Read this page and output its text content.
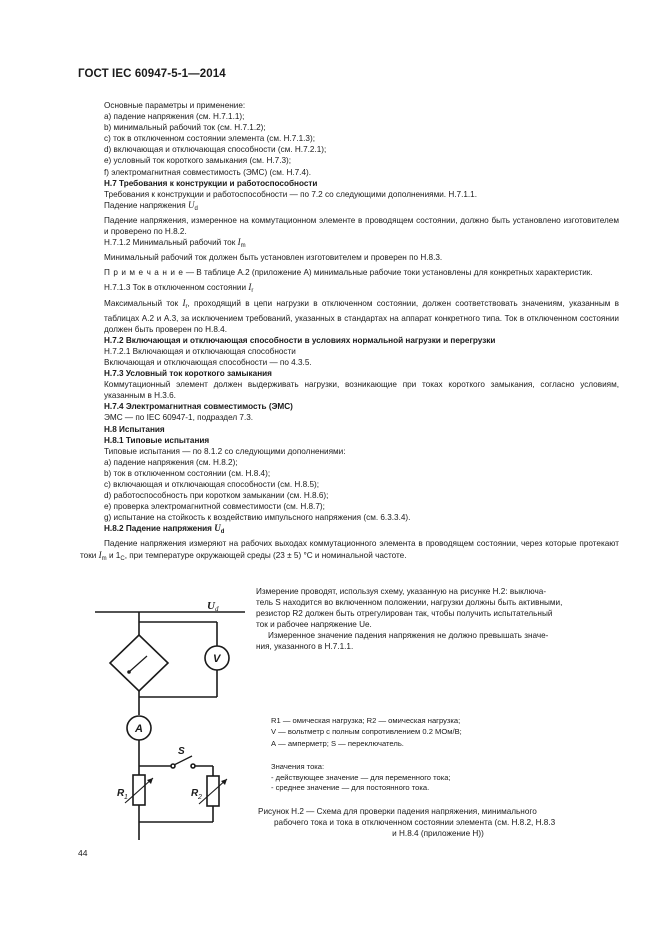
ГОСТ IEC 60947-5-1—2014

Основные параметры и применение:

а) падение напряжения (см. Н.7.1.1);

b) минимальный рабочий ток (см. Н.7.1.2);

c) ток в отключенном состоянии элемента (см. Н.7.1.3);

d) включающая и отключающая способности (см. Н.7.2.1);

е) условный ток короткого замыкания (см. Н.7.3);

f) электромагнитная совместимость (ЭМС) (см. Н.7.4).

Н.7 Требования к конструкции и работоспособности

Требования к конструкции и работоспособности — по 7.2 со следующими дополнениями. Н.7.1.1.

Падение напряжения $U_d$

Падение напряжения, измеренное на коммутационном элементе в проводящем состоянии, должно быть установлено изготовителем и проверено по Н.8.2.

Н.7.1.2 Минимальный рабочий ток $I_m$

Минимальный рабочий ток должен быть установлен изготовителем и проверен по Н.8.3.

П р и м е ч а н и е — В таблице А.2 (приложение А) минимальные рабочие токи установлены для конкретных характеристик.

Н.7.1.3 Ток в отключенном состоянии $I_r$

Максимальный ток $I_r$, проходящий в цепи нагрузки в отключенном состоянии, должен соответствовать значениям, указанным в таблицах А.2 и А.3, за исключением требований, указанных в стандартах на аппарат конкретного типа. Ток в отключенном состоянии должен быть проверен по Н.8.4.

Н.7.2 Включающая и отключающая способности в условиях нормальной нагрузки и перегрузки

Н.7.2.1 Включающая и отключающая способности

Включающая и отключающая способности — по 4.3.5.

Н.7.3 Условный ток короткого замыкания

Коммутационный элемент должен выдерживать нагрузки, возникающие при токах короткого замыкания, согласно условиям, указанным в Н.3.6.

Н.7.4 Электромагнитная совместимость (ЭМС)

ЭМС — по IEC 60947-1, подраздел 7.3.

Н.8 Испытания

Н.8.1 Типовые испытания

Типовые испытания — по 8.1.2 со следующими дополнениями:

а) падение напряжения (см. Н.8.2);

b) ток в отключенном состоянии (см. Н.8.4);

c) включающая и отключающая способности (см. Н.8.5);

d) работоспособность при коротком замыкании (см. Н.8.6);

е) проверка электромагнитной совместимости (см. Н.8.7);

g) испытание на стойкость к воздействию импульсного напряжения (см. 6.3.3.4).

Н.8.2 Падение напряжения $U_d$

Падение напряжения измеряют на рабочих выходах коммутационного элемента в проводящем состоянии, через которые протекают токи $I_m$ и $1_С$, при температуре окружающей среды (23 ± 5) °С и номинальной частоте.

Измерение проводят, используя схему, указанную на рисунке Н.2: выключа-

тель S находится во включенном положении, нагрузки должны быть активными,

резистор R2 должен быть отрегулирован так, чтобы получить испытательный

ток и рабочее напряжение Ue.

Измеренное значение падения напряжения не должно превышать значе-

ния, указанного в Н.7.1.1.

U d
V
A
S
R 1	R 2
R1 — омическая нагрузка; R2 — омическая нагрузка;
V — вольтметр с полным сопротивлением 0.2 МОм/В;
А — амперметр; S — переключатель.
Значения тока:
- действующее значение — для переменного тока;
- среднее значение — для постоянного тока.
Рисунок Н.2 — Схема для проверки падения напряжения, минимального
рабочего тока и тока в отключенном состоянии элемента (см. Н.8.2, Н.8.3
и Н.8.4 (приложение Н))
44
